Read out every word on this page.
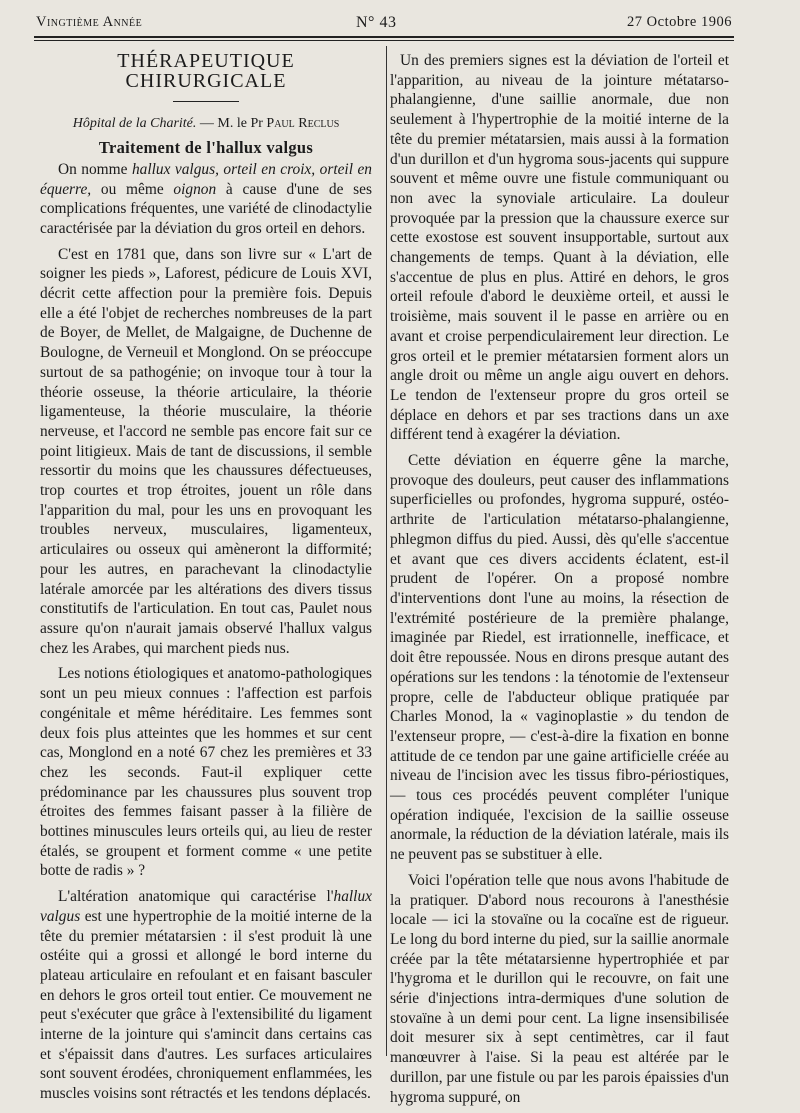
Vingtième Année	N° 43	27 Octobre 1906
THÉRAPEUTIQUE CHIRURGICALE
Hôpital de la Charité. — M. le Pr Paul Reclus
Traitement de l'hallux valgus

On nomme hallux valgus, orteil en croix, orteil en équerre, ou même oignon à cause d'une de ses complications fréquentes, une variété de clinodactylie caractérisée par la déviation du gros orteil en dehors.

C'est en 1781 que, dans son livre sur « L'art de soigner les pieds », Laforest, pédicure de Louis XVI, décrit cette affection pour la première fois. Depuis elle a été l'objet de recherches nombreuses de la part de Boyer, de Mellet, de Malgaigne, de Duchenne de Boulogne, de Verneuil et Monglond. On se préoccupe surtout de sa pathogénie; on invoque tour à tour la théorie osseuse, la théorie articulaire, la théorie ligamenteuse, la théorie musculaire, la théorie nerveuse, et l'accord ne semble pas encore fait sur ce point litigieux. Mais de tant de discussions, il semble ressortir du moins que les chaussures défectueuses, trop courtes et trop étroites, jouent un rôle dans l'apparition du mal, pour les uns en provoquant les troubles nerveux, musculaires, ligamenteux, articulaires ou osseux qui amèneront la difformité; pour les autres, en parachevant la clinodactylie latérale amorcée par les altérations des divers tissus constitutifs de l'articulation. En tout cas, Paulet nous assure qu'on n'aurait jamais observé l'hallux valgus chez les Arabes, qui marchent pieds nus.

Les notions étiologiques et anatomo-pathologiques sont un peu mieux connues : l'affection est parfois congénitale et même héréditaire. Les femmes sont deux fois plus atteintes que les hommes et sur cent cas, Monglond en a noté 67 chez les premières et 33 chez les seconds. Faut-il expliquer cette prédominance par les chaussures plus souvent trop étroites des femmes faisant passer à la filière de bottines minuscules leurs orteils qui, au lieu de rester étalés, se groupent et forment comme « une petite botte de radis » ?

L'altération anatomique qui caractérise l'hallux valgus est une hypertrophie de la moitié interne de la tête du premier métatarsien : il s'est produit là une ostéite qui a grossi et allongé le bord interne du plateau articulaire en refoulant et en faisant basculer en dehors le gros orteil tout entier. Ce mouvement ne peut s'exécuter que grâce à l'extensibilité du ligament interne de la jointure qui s'amincit dans certains cas et s'épaissit dans d'autres. Les surfaces articulaires sont souvent érodées, chroniquement enflammées, les muscles voisins sont rétractés et les tendons déplacés.

Un des premiers signes est la déviation de l'orteil et l'apparition, au niveau de la jointure métatarso-phalangienne, d'une saillie anormale, due non seulement à l'hypertrophie de la moitié interne de la tête du premier métatarsien, mais aussi à la formation d'un durillon et d'un hygroma sous-jacents qui suppure souvent et même ouvre une fistule communiquant ou non avec la synoviale articulaire. La douleur provoquée par la pression que la chaussure exerce sur cette exostose est souvent insupportable, surtout aux changements de temps. Quant à la déviation, elle s'accentue de plus en plus. Attiré en dehors, le gros orteil refoule d'abord le deuxième orteil, et aussi le troisième, mais souvent il le passe en arrière ou en avant et croise perpendiculairement leur direction. Le gros orteil et le premier métatarsien forment alors un angle droit ou même un angle aigu ouvert en dehors. Le tendon de l'extenseur propre du gros orteil se déplace en dehors et par ses tractions dans un axe différent tend à exagérer la déviation.

Cette déviation en équerre gêne la marche, provoque des douleurs, peut causer des inflammations superficielles ou profondes, hygroma suppuré, ostéo-arthrite de l'articulation métatarso-phalangienne, phlegmon diffus du pied. Aussi, dès qu'elle s'accentue et avant que ces divers accidents éclatent, est-il prudent de l'opérer. On a proposé nombre d'interventions dont l'une au moins, la résection de l'extrémité postérieure de la première phalange, imaginée par Riedel, est irrationnelle, inefficace, et doit être repoussée. Nous en dirons presque autant des opérations sur les tendons : la ténotomie de l'extenseur propre, celle de l'abducteur oblique pratiquée par Charles Monod, la « vaginoplastie » du tendon de l'extenseur propre, — c'est-à-dire la fixation en bonne attitude de ce tendon par une gaine artificielle créée au niveau de l'incision avec les tissus fibro-périostiques, — tous ces procédés peuvent compléter l'unique opération indiquée, l'excision de la saillie osseuse anormale, la réduction de la déviation latérale, mais ils ne peuvent pas se substituer à elle.

Voici l'opération telle que nous avons l'habitude de la pratiquer. D'abord nous recourons à l'anesthésie locale — ici la stovaïne ou la cocaïne est de rigueur. Le long du bord interne du pied, sur la saillie anormale créée par la tête métatarsienne hypertrophiée et par l'hygroma et le durillon qui le recouvre, on fait une série d'injections intra-dermiques d'une solution de stovaïne à un demi pour cent. La ligne insensibilisée doit mesurer six à sept centimètres, car il faut manœuvrer à l'aise. Si la peau est altérée par le durillon, par une fistule ou par les parois épaissies d'un hygroma suppuré, on
